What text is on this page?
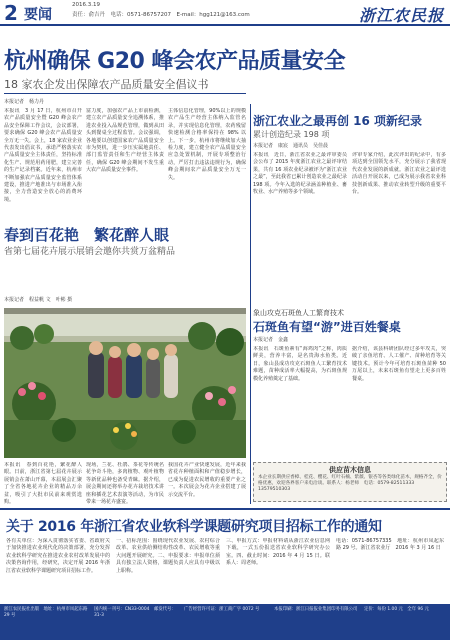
2 要闻
2016.3.19
责任：俞吉丹　电话：0571-86757207　E-mail：hgg121@163.com	浙江农民报
杭州确保 G20 峰会农产品质量安全
18 家农企发出保障农产品质量安全倡议书
本报记者　杨力丹
本报讯　3 月 17 日，杭州市召开农产品质量安全暨 G20 峰会农产品安全保障工作会议，会议部署，要求确保 G20 峰会农产品质量安全万无一失。会上，18 家农业企业代表发出倡议书，承诺严格落实农产品质量安全主体责任，坚持标准化生产、规范用药用肥，建立完善的生产记录档案。近年来，杭州市不断加强农产品质量安全监管体系建设，推进产地准出与市场准入衔接，全力营造安全放心的消费环境。
富力度，加强农产品上市前检测，建立农产品质量安全追溯体系，推进农业投入品规范管理，做到从田头到餐桌全过程监管。会议强调，各地要以创建国家农产品质量安全市为契机，进一步压实属地责任、部门监管责任和生产经营主体责任，确保 G20 峰会期间不发生重大农产品质量安全事件。
主体信息化管理，90%以上的规模农产品生产经营主体纳入监管名录，并实现信息化管理，农药残留快速检测合格率保持在 98% 以上。下一步，杭州市将继续加大抽检力度，建立健全农产品质量安全应急处置机制，开展专项整治行动，严厉打击违法违规行为，确保峰会期间农产品质量安全万无一失。
春到百花艳　繁花醉人眼
省第七届花卉展示展销会邀你共赏万盆精品
本报记者　程益帆 文　叶彬 摄
本报讯　春到百花艳，繁花醉人眼。日前，浙江省第七届花卉展示展销会在萧山开幕，本届展会汇聚了全省各地花卉企业的精品万余盆，吸引了大批市民前来观赏选购。
现场，兰花、杜鹃、茶花等传统名花争奇斗艳，多肉植物、观叶植物等新优品种也备受青睐。据介绍，展会期间还将举办花卉栽培技术讲座和插花艺术表演等活动，为市民带来一场花卉盛宴。
我国花卉产业快速发展，近年来我省花卉种植面积和产值稳步增长，已成为促进农民增收的重要产业之一。本次展会为花卉企业搭建了展示交流平台。
浙江农业之最再创 16 项新纪录
累计创造纪录 198 项
本报记者　康宸　通讯员　吴佳晨
本报讯　近日，浙江省农业之最评审委员会公布了 2015 年度浙江农业之最评审结果，共有 16 项农业纪录被评为“浙江农业之最”，至此我省已累计创造农业之最纪录 198 项。今年入选的纪录涵盖种植业、畜牧业、水产养殖等多个领域。
评审专家介绍，此次评出的纪录中，有多项达到全国领先水平，充分展示了我省现代农业发展的新成就。浙江农业之最评选活动自开展以来，已成为展示我省农业科技创新成果、推动农业转型升级的重要平台。
象山攻克石斑鱼人工繁育技术
石斑鱼有望“游”进百姓餐桌
本报记者　金鑫
本报讯　石斑鱼素有“海鸡肉”之称，肉质鲜美，营养丰富，是名贵海水鱼类。近日，象山县成功攻克石斑鱼人工繁育技术难题，苗种成活率大幅提高，为石斑鱼规模化养殖奠定了基础。
据介绍，该县科研团队经过多年攻关，突破了亲鱼培育、人工催产、苗种培育等关键技术。预计今年可培育石斑鱼苗种 50 万尾以上，未来石斑鱼有望走上更多百姓餐桌。
供应苗木信息
本企业长期供应香樟、桂花、樱花、红叶石楠、紫薇、银杏等各类绿化苗木，规格齐全，价格优惠，欢迎各界客户来电洽谈。联系人：杨老师　电话：0579-82511333　13579510303
关于 2016 年浙江省农业软科学课题研究项目招标工作的通知
各有关单位：为深入贯彻落实省委、省政府关于加快推进农业现代化的决策部署，充分发挥农业软科学研究在推进农业农村改革发展中的决策咨询作用，经研究，决定开展 2016 年浙江省农业软科学课题研究项目招标工作。
一、招标范围：围绕现代农业发展、农村综合改革、农业供给侧结构性改革、农民增收等重大问题开展研究。二、申报要求：申报单位须具有独立法人资格，课题负责人应具有中级以上职称。
三、申报方式：申报材料请从浙江农业信息网下载，一式五份报送省农业软科学研究办公室。四、截止时间：2016 年 4 月 15 日。联系人：周老师。
电话：0571-86757335　地址：杭州市凤起东路 29 号。浙江省农业厅　2016 年 3 月 16 日
浙江农民报社出版　地址：杭州市凤起东路 29 号
国内统一刊号：CN33-0004　邮发代号：31-3
广告经营许可证：浙工商广字 0072 号	本报印刷：浙江日报报业集团印务有限公司 定价：每份 1.00 元　全年 96 元
